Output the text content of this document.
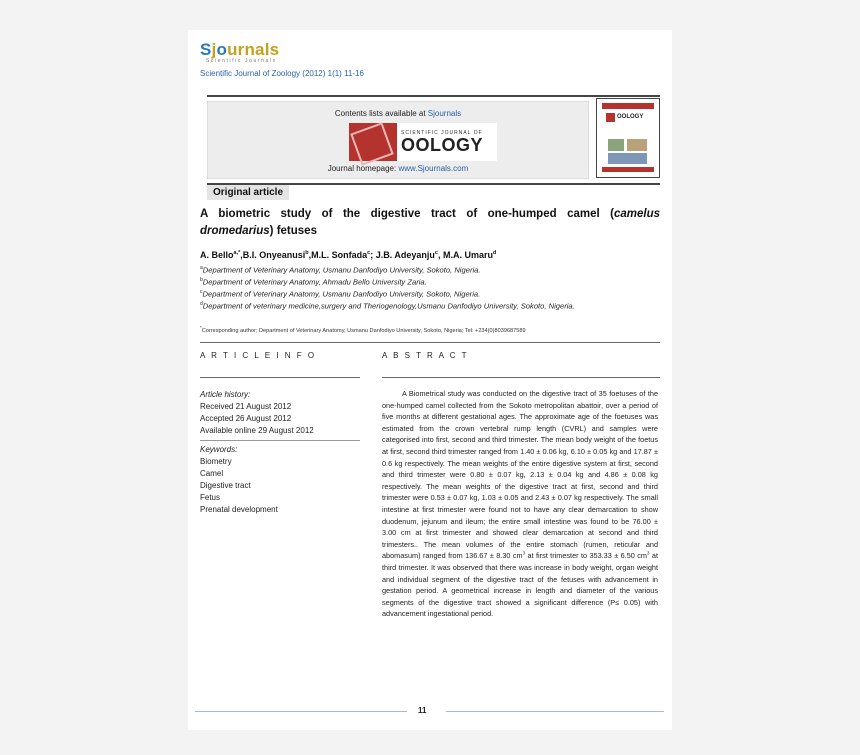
Sjournals
Scientific Journals
Scientific Journal of Zoology (2012) 1(1) 11-16
Contents lists available at Sjournals
SCIENTIFIC JOURNAL OF
OOLOGY
Journal homepage: www.Sjournals.com
OOLOGY
Original article
A biometric study of the digestive tract of one-humped camel (camelus dromedarius) fetuses
A. Bello$^{a,*}$,B.I. Onyeanusi$^b$,M.L. Sonfada$^c$; J.B. Adeyanju$^c$, M.A. Umaru$^d$
$^a$Department of Veterinary Anatomy, Usmanu Danfodiyo University, Sokoto, Nigeria.
$^b$Department of Veterinary Anatomy, Ahmadu Bello University Zaria.
$^c$Department of Veterinary Anatomy, Usmanu Danfodiyo University, Sokoto, Nigeria.
$^d$Department of veterinary medicine,surgery and Theriogenology,Usmanu Danfodiyo University, Sokoto, Nigeria.
*Corresponding author; Department of Veterinary Anatomy, Usmanu Danfodiyo University, Sokoto, Nigeria; Tel: +234(0)8039687589
A R T I C L E I N F O	A B S T R A C T
Article history:
Received 21 August 2012
Accepted 26 August 2012
Available online 29 August 2012
Keywords:
Biometry
Camel
Digestive tract
Fetus
Prenatal development
A Biometrical study was conducted on the digestive tract of 35 foetuses of the one-humped camel collected from the Sokoto metropolitan abattoir, over a period of five months at different gestational ages. The approximate age of the foetuses was estimated from the crown vertebral rump length (CVRL) and samples were categorised into first, second and third trimester. The mean body weight of the foetus at first, second third trimester ranged from 1.40 ± 0.06 kg, 6.10 ± 0.05 kg and 17.87 ± 0.6 kg respectively. The mean weights of the entire digestive system at first, second and third trimester were 0.80 ± 0.07 kg, 2.13 ± 0.04 kg and 4.86 ± 0.08 kg respectively. The mean weights of the digestive tract at first, second and third trimester were 0.53 ± 0.07 kg, 1.03 ± 0.05 and 2.43 ± 0.07 kg respectively. The small intestine at first trimester were found not to have any clear demarcation to show duodenum, jejunum and ileum; the entire small intestine was found to be 76.00 ± 3.00 cm at first trimester and showed clear demarcation at second and third trimesters.. The mean volumes of the entire stomach (rumen, reticular and abomasum) ranged from 136.67 ± 8.30 $cm^3$ at first trimester to 353.33 ± 6.50 $cm^3$ at third trimester. It was observed that there was increase in body weight, organ weight and individual segment of the digestive tract of the fetuses with advancement in gestation period. A geometrical increase in length and diameter of the various segments of the digestive tract showed a significant difference (P≤ 0.05) with advancement ingestational period.
11
